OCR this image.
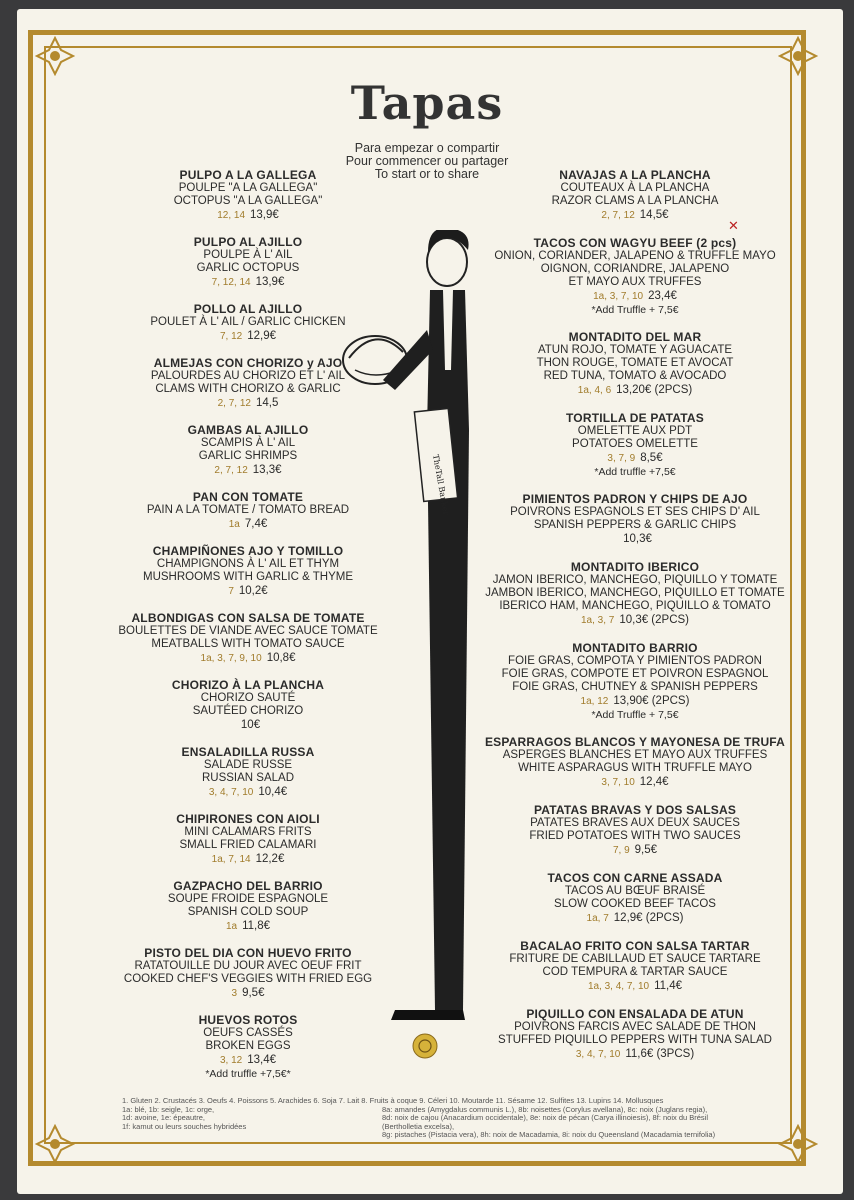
Tapas
Para empezar o compartir
Pour commencer ou partager
To start or to share
PULPO A LA GALLEGA
POULPE "A LA GALLEGA"
OCTOPUS "A LA GALLEGA"
12, 14 13,9€
PULPO AL AJILLO
POULPE À L' AIL
GARLIC OCTOPUS
7, 12, 14 13,9€
POLLO AL AJILLO
POULET À L' AIL / GARLIC CHICKEN
7, 12 12,9€
ALMEJAS CON CHORIZO y AJO
PALOURDES AU CHORIZO ET L' AIL
CLAMS WITH CHORIZO & GARLIC
2, 7, 12 14,5
GAMBAS AL AJILLO
SCAMPIS À L' AIL
GARLIC SHRIMPS
2, 7, 12 13,3€
PAN CON TOMATE
PAIN A LA TOMATE / TOMATO BREAD
1a 7,4€
CHAMPIÑONES AJO Y TOMILLO
CHAMPIGNONS À L' AIL ET THYM
MUSHROOMS WITH GARLIC & THYME
7 10,2€
ALBONDIGAS CON SALSA DE TOMATE
BOULETTES DE VIANDE AVEC SAUCE TOMATE
MEATBALLS WITH TOMATO SAUCE
1a, 3, 7, 9, 10 10,8€
CHORIZO À LA PLANCHA
CHORIZO SAUTÉ
SAUTÉED CHORIZO
10€
ENSALADILLA RUSSA
SALADE RUSSE
RUSSIAN SALAD
3, 4, 7, 10 10,4€
CHIPIRONES CON AIOLI
MINI CALAMARS FRITS
SMALL FRIED CALAMARI
1a, 7, 14 12,2€
GAZPACHO DEL BARRIO
SOUPE FROIDE ESPAGNOLE
SPANISH COLD SOUP
1a 11,8€
PISTO DEL DIA CON HUEVO FRITO
RATATOUILLE DU JOUR AVEC OEUF FRIT
COOKED CHEF'S VEGGIES WITH FRIED EGG
3 9,5€
HUEVOS ROTOS
OEUFS CASSÉS
BROKEN EGGS
3, 12 13,4€
*Add truffle +7,5€*
NAVAJAS A LA PLANCHA
COUTEAUX À LA PLANCHA
RAZOR CLAMS A LA PLANCHA
2, 7, 12 14,5€
TACOS CON WAGYU BEEF (2 pcs)
ONION, CORIANDER, JALAPENO & TRUFFLE MAYO
OIGNON, CORIANDRE, JALAPENO
ET MAYO AUX TRUFFES
1a, 3, 7, 10 23,4€
*Add Truffle + 7,5€
MONTADITO DEL MAR
ATUN ROJO, TOMATE Y AGUACATE
THON ROUGE, TOMATE ET AVOCAT
RED TUNA, TOMATO & AVOCADO
1a, 4, 6 13,20€ (2PCS)
TORTILLA DE PATATAS
OMELETTE AUX PDT
POTATOES OMELETTE
3, 7, 9 8,5€
*Add truffle +7,5€
PIMIENTOS PADRON Y CHIPS DE AJO
POIVRONS ESPAGNOLS ET SES CHIPS D' AIL
SPANISH PEPPERS & GARLIC CHIPS
10,3€
MONTADITO IBERICO
JAMON IBERICO, MANCHEGO, PIQUILLO Y TOMATE
JAMBON IBERICO, MANCHEGO, PIQUILLO ET TOMATE
IBERICO HAM, MANCHEGO, PIQUILLO & TOMATO
1a, 3, 7 10,3€ (2PCS)
MONTADITO BARRIO
FOIE GRAS, COMPOTA Y PIMIENTOS PADRON
FOIE GRAS, COMPOTE ET POIVRON ESPAGNOL
FOIE GRAS, CHUTNEY & SPANISH PEPPERS
1a, 12 13,90€ (2PCS)
*Add Truffle + 7,5€
ESPARRAGOS BLANCOS Y MAYONESA DE TRUFA
ASPERGES BLANCHES ET MAYO AUX TRUFFES
WHITE ASPARAGUS WITH TRUFFLE MAYO
3, 7, 10 12,4€
PATATAS BRAVAS Y DOS SALSAS
PATATES BRAVES AUX DEUX SAUCES
FRIED POTATOES WITH TWO SAUCES
7, 9 9,5€
TACOS CON CARNE ASSADA
TACOS AU BŒUF BRAISÉ
SLOW COOKED BEEF TACOS
1a, 7 12,9€ (2PCS)
BACALAO FRITO CON SALSA TARTAR
FRITURE DE CABILLAUD ET SAUCE TARTARE
COD TEMPURA & TARTAR SAUCE
1a, 3, 4, 7, 10 11,4€
PIQUILLO CON ENSALADA DE ATUN
POIVRONS FARCIS AVEC SALADE DE THON
STUFFED PIQUILLO PEPPERS WITH TUNA SALAD
3, 4, 7, 10 11,6€ (3PCS)
TheTall Banker
✕
1. Gluten 2. Crustacés 3. Oeufs 4. Poissons 5. Arachides 6. Soja 7. Lait 8. Fruits à coque 9. Céleri 10. Moutarde 11. Sésame 12. Sulfites 13. Lupins 14. Mollusques
1a: blé, 1b: seigle, 1c: orge,
1d: avoine, 1e: épeautre,
1f: kamut ou leurs souches hybridées
8a: amandes (Amygdalus communis L.), 8b: noisettes (Corylus avellana), 8c: noix (Juglans regia),
8d: noix de cajou (Anacardium occidentale), 8e: noix de pécan (Carya illinoiesis), 8f: noix du Brésil
(Bertholletia excelsa),
8g: pistaches (Pistacia vera), 8h: noix de Macadamia, 8i: noix du Queensland (Macadamia ternifolia)
